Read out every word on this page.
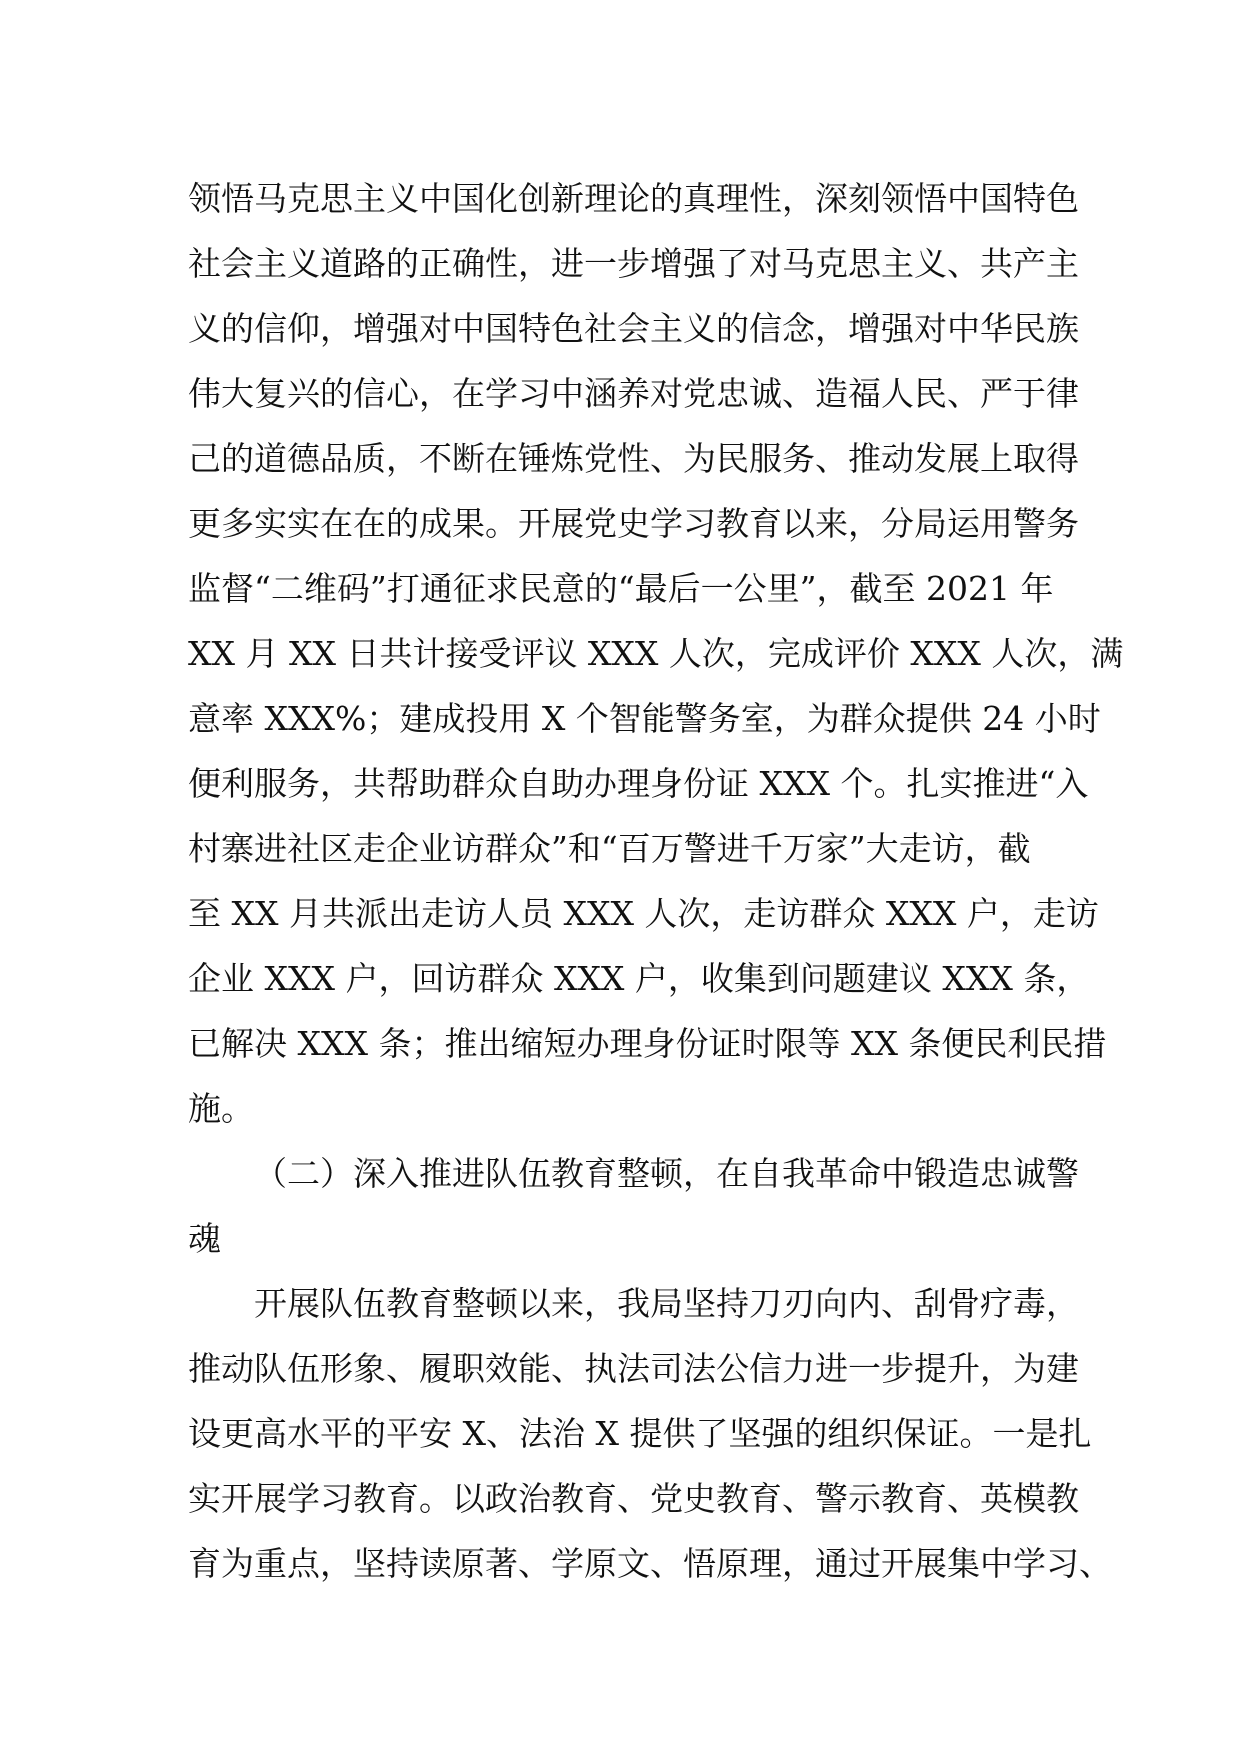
领悟马克思主义中国化创新理论的真理性，深刻领悟中国特色
社会主义道路的正确性，进一步增强了对马克思主义、共产主
义的信仰，增强对中国特色社会主义的信念，增强对中华民族
伟大复兴的信心，在学习中涵养对党忠诚、造福人民、严于律
己的道德品质，不断在锤炼党性、为民服务、推动发展上取得
更多实实在在的成果。开展党史学习教育以来，分局运用警务
监督“二维码”打通征求民意的“最后一公里”，截至 2021 年
XX 月 XX 日共计接受评议 XXX 人次，完成评价 XXX 人次，满
意率 XXX%；建成投用 X 个智能警务室，为群众提供 24 小时
便利服务，共帮助群众自助办理身份证 XXX 个。扎实推进“入
村寨进社区走企业访群众”和“百万警进千万家”大走访，截
至 XX 月共派出走访人员 XXX 人次，走访群众 XXX 户，走访
企业 XXX 户，回访群众 XXX 户，收集到问题建议 XXX 条，
已解决 XXX 条；推出缩短办理身份证时限等 XX 条便民利民措
施。
（二）深入推进队伍教育整顿，在自我革命中锻造忠诚警
魂
开展队伍教育整顿以来，我局坚持刀刃向内、刮骨疗毒，
推动队伍形象、履职效能、执法司法公信力进一步提升，为建
设更高水平的平安 X、法治 X 提供了坚强的组织保证。一是扎
实开展学习教育。以政治教育、党史教育、警示教育、英模教
育为重点，坚持读原著、学原文、悟原理，通过开展集中学习、
